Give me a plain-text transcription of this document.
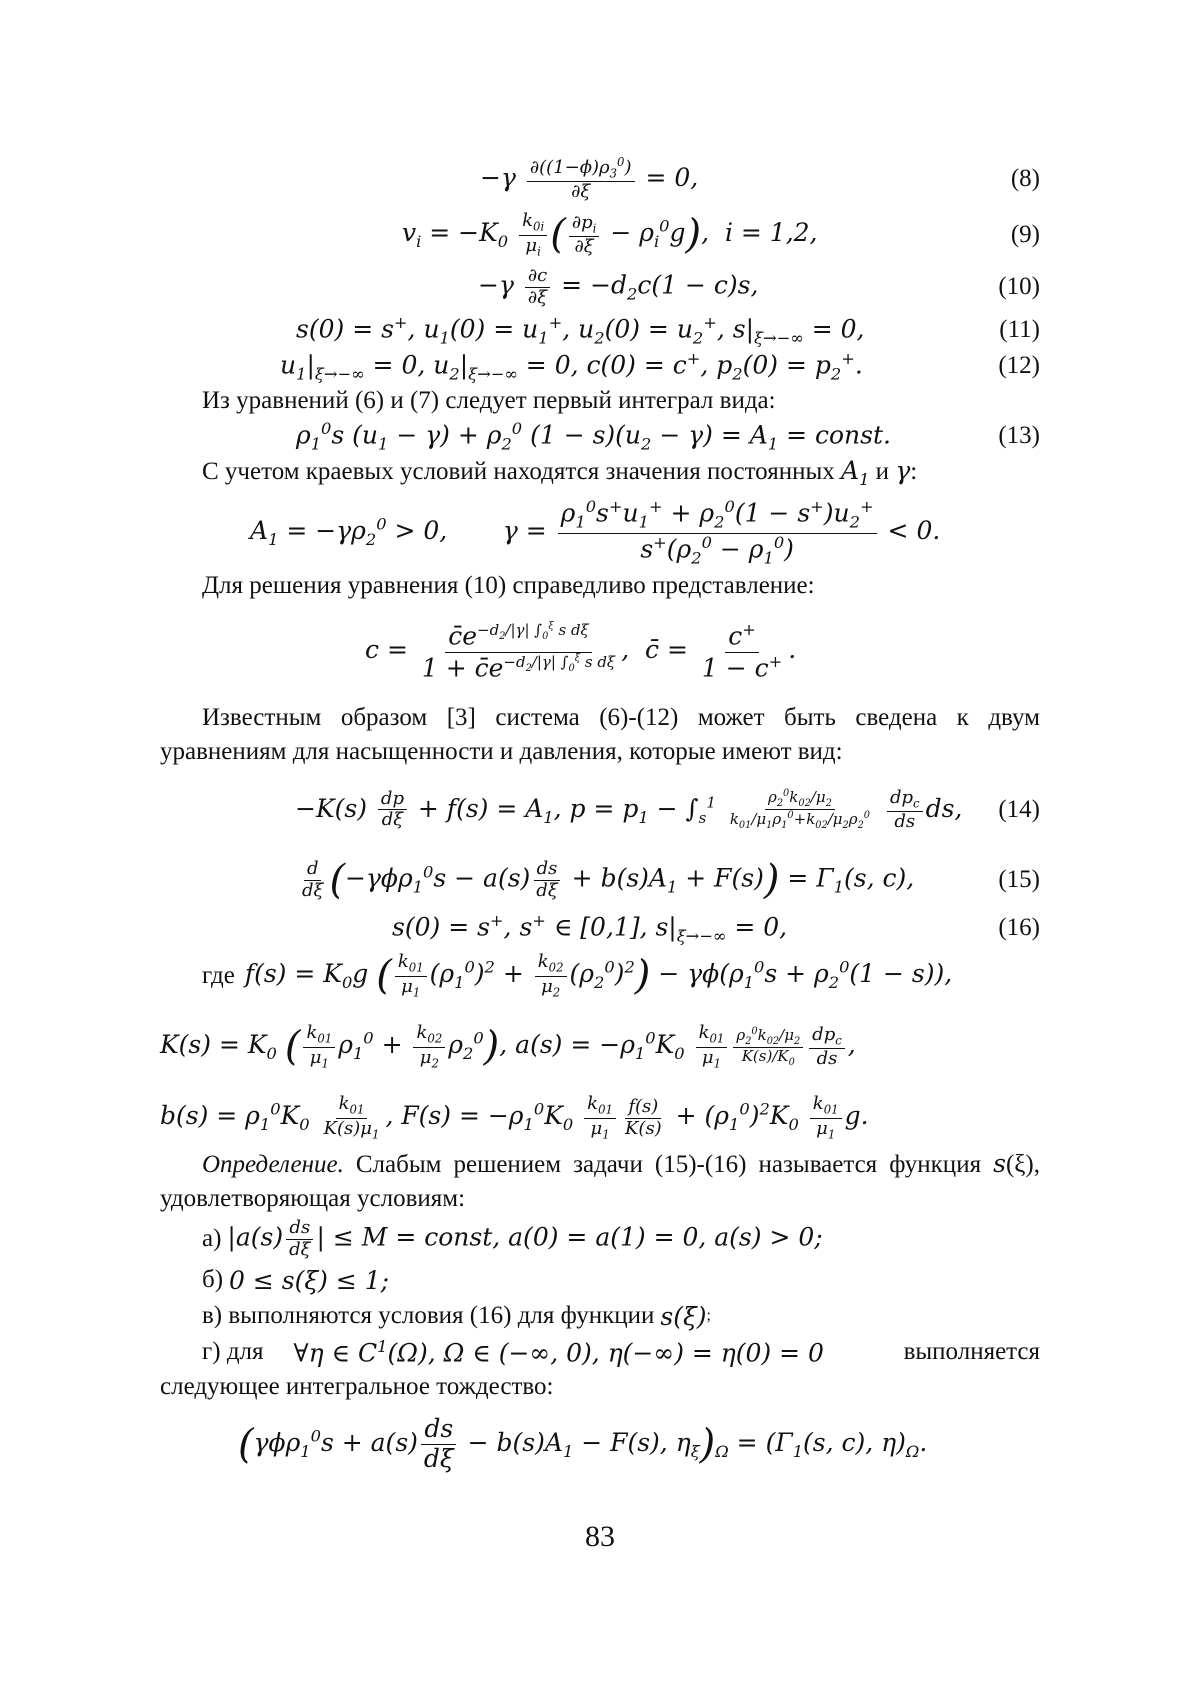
$-\gamma \frac{\partial((1-\phi)\rho_3^0)}{\partial\xi} = 0$,	(8)
$v_i = -K_0 \frac{k_{0i}}{\mu_i}$ ( $\frac{\partial p_i}{\partial\xi} - \rho_i^0g$),  i = 1,2,	(9)
$-\gamma \frac{\partial c}{\partial\xi} = -d_2c(1 - c)s$,	(10)
s(0) = s+, $u_1(0) = u_1^+$, $u_2(0) = u_2^+$, $s|_{\xi\to-\infty} = 0$,	(11)
$u_1|_{\xi\to-\infty} = 0$, $u_2|_{\xi\to-\infty} = 0$, c(0) = c+, $p_2(0) = p_2^+$.	(12)
Из уравнений (6) и (7) следует первый интеграл вида:
$\rho_1^0s$ $(u_1 - \gamma) + \rho_2^0$ $(1 - s)(u_2 - \gamma) = A_1$ = const.	(13)
С учетом краевых условий находятся значения постоянных $A_1$ и γ:
$A_1 = -\gamma\rho_2^0 > 0$,       $\gamma = \frac{\rho_1^0s^+u_1^+ + \rho_2^0(1 - s^+)u_2^+}{s^+(\rho_2^0 - \rho_1^0)} < 0$.
Для решения уравнения (10) справедливо представление:
$c = \frac{c̄e^{-d_2/|\gamma| \int_0^\xi s d\xi}}{1 + c̄e^{-d_2/|\gamma| \int_0^\xi s d\xi}}$ ,  c̄ = $\frac{c^+}{1 - c^+}$ .
Известным образом [3] система (6)-(12) может быть сведена к двум уравнениям для насыщенности и давления, которые имеют вид:
$-K(s) \frac{dp}{d\xi} + f(s) = A_1$, $p = p_1 - \int_s^1 \frac{\rho_2^0k_{02}/\mu_2}{k_{01}/\mu_1\rho_1^0+k_{02}/\mu_2\rho_2^0}$
$\frac{dp_c}{ds}$ ds,	(14)
$\frac{d}{d\xi} (-\gamma\phi\rho_1^0s - a(s) \frac{ds}{d\xi} + b(s)A_1 + F(s)) = \Gamma_1(s$, c),	(15)
s(0) = s+, s+ ∈ [0,1], $s|_{\xi\to-\infty} = 0$,	(16)
где $f(s) = K_0g$ ( $\frac{k_{01}}{\mu_1} (\rho_1^0)^2 + \frac{k_{02}}{\mu_2} (\rho_2^0)^2) - \gamma\phi(\rho_1^0s + \rho_2^0(1 - s))$,
$K(s) = K_0$ ( $\frac{k_{01}}{\mu_1} \rho_1^0 + \frac{k_{02}}{\mu_2} \rho_2^0$), $a(s) = -\rho_1^0K_0 \frac{k_{01}}{\mu_1} \frac{\rho_2^0k_{02}/\mu_2}{K(s)/K_0} \frac{dp_c}{ds}$ ,
$b(s) = \rho_1^0K_0 \frac{k_{01}}{K(s)\mu_1}$ , $F(s) = -\rho_1^0K_0 \frac{k_{01}}{\mu_1} \frac{f(s)}{K(s)} + (\rho_1^0)^2K_0 \frac{k_{01}}{\mu_1} g$.
Определение. Слабым решением задачи (15)-(16) называется функция s(ξ), удовлетворяющая условиям:
а) $|a(s) \frac{ds}{d\xi}$ | ≤ M = const, a(0) = a(1) = 0, a(s) > 0;
б) 0 ≤ s(ξ) ≤ 1;
в) выполняются условия (16) для функции s(ξ) ;
г) для	∀η ∈ $C^1(\Omega)$, Ω ∈ (−∞, 0), η(−∞) = η(0) = 0	выполняется
следующее интегральное тождество:
($\gamma\phi\rho_1^0s + a(s) \frac{ds}{d\xi} - b(s)A_1 - F(s)$, $\eta_\xi)_\Omega = (\Gamma_1(s$, c), $\eta)_\Omega$.
83
